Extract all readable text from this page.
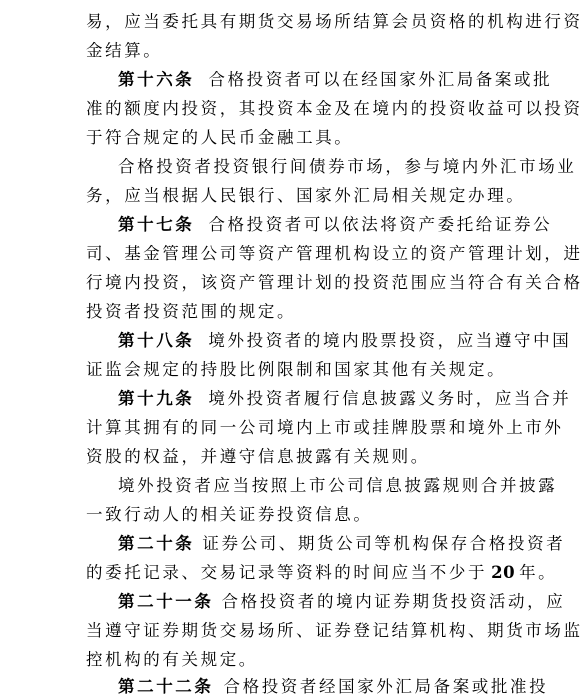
易，应当委托具有期货交易场所结算会员资格的机构进行资
金结算。
第十六条 合格投资者可以在经国家外汇局备案或批
准的额度内投资，其投资本金及在境内的投资收益可以投资
于符合规定的人民币金融工具。
合格投资者投资银行间债券市场，参与境内外汇市场业
务，应当根据人民银行、国家外汇局相关规定办理。
第十七条 合格投资者可以依法将资产委托给证券公
司、基金管理公司等资产管理机构设立的资产管理计划，进
行境内投资，该资产管理计划的投资范围应当符合有关合格
投资者投资范围的规定。
第十八条 境外投资者的境内股票投资，应当遵守中国
证监会规定的持股比例限制和国家其他有关规定。
第十九条 境外投资者履行信息披露义务时，应当合并
计算其拥有的同一公司境内上市或挂牌股票和境外上市外
资股的权益，并遵守信息披露有关规则。
境外投资者应当按照上市公司信息披露规则合并披露
一致行动人的相关证券投资信息。
第二十条 证券公司、期货公司等机构保存合格投资者
的委托记录、交易记录等资料的时间应当不少于 20 年。
第二十一条 合格投资者的境内证券期货投资活动，应
当遵守证券期货交易场所、证券登记结算机构、期货市场监
控机构的有关规定。
第二十二条 合格投资者经国家外汇局备案或批准投
